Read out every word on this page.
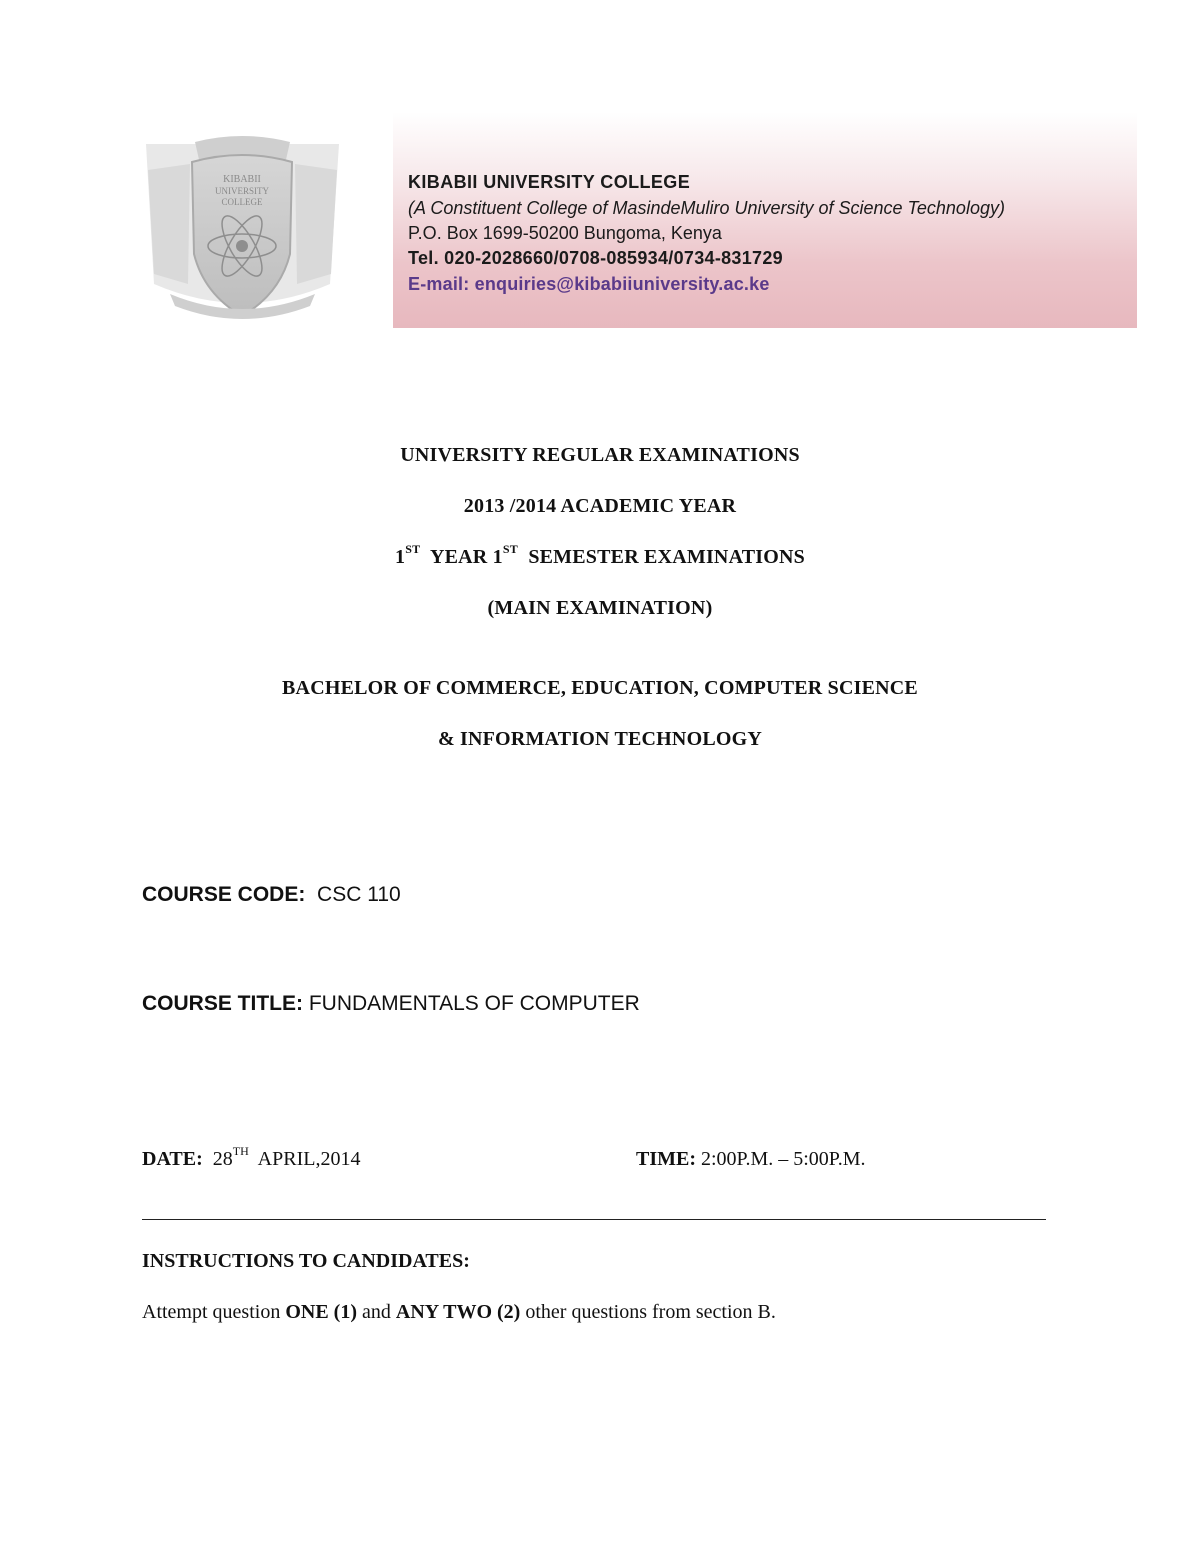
KIBABII
UNIVERSITY
COLLEGE
KIBABII UNIVERSITY COLLEGE
(A Constituent College of MasindeMuliro University of Science Technology)
P.O. Box 1699-50200 Bungoma, Kenya
Tel. 020-2028660/0708-085934/0734-831729
E-mail: enquiries@kibabiiuniversity.ac.ke
UNIVERSITY REGULAR EXAMINATIONS
2013 /2014 ACADEMIC YEAR
1ST YEAR 1ST SEMESTER EXAMINATIONS
(MAIN EXAMINATION)
BACHELOR OF COMMERCE, EDUCATION, COMPUTER SCIENCE
& INFORMATION TECHNOLOGY
COURSE CODE: CSC 110
COURSE TITLE: FUNDAMENTALS OF COMPUTER
DATE: 28TH APRIL,2014	TIME: 2:00P.M. – 5:00P.M.
INSTRUCTIONS TO CANDIDATES:
Attempt question ONE (1) and ANY TWO (2) other questions from section B.
